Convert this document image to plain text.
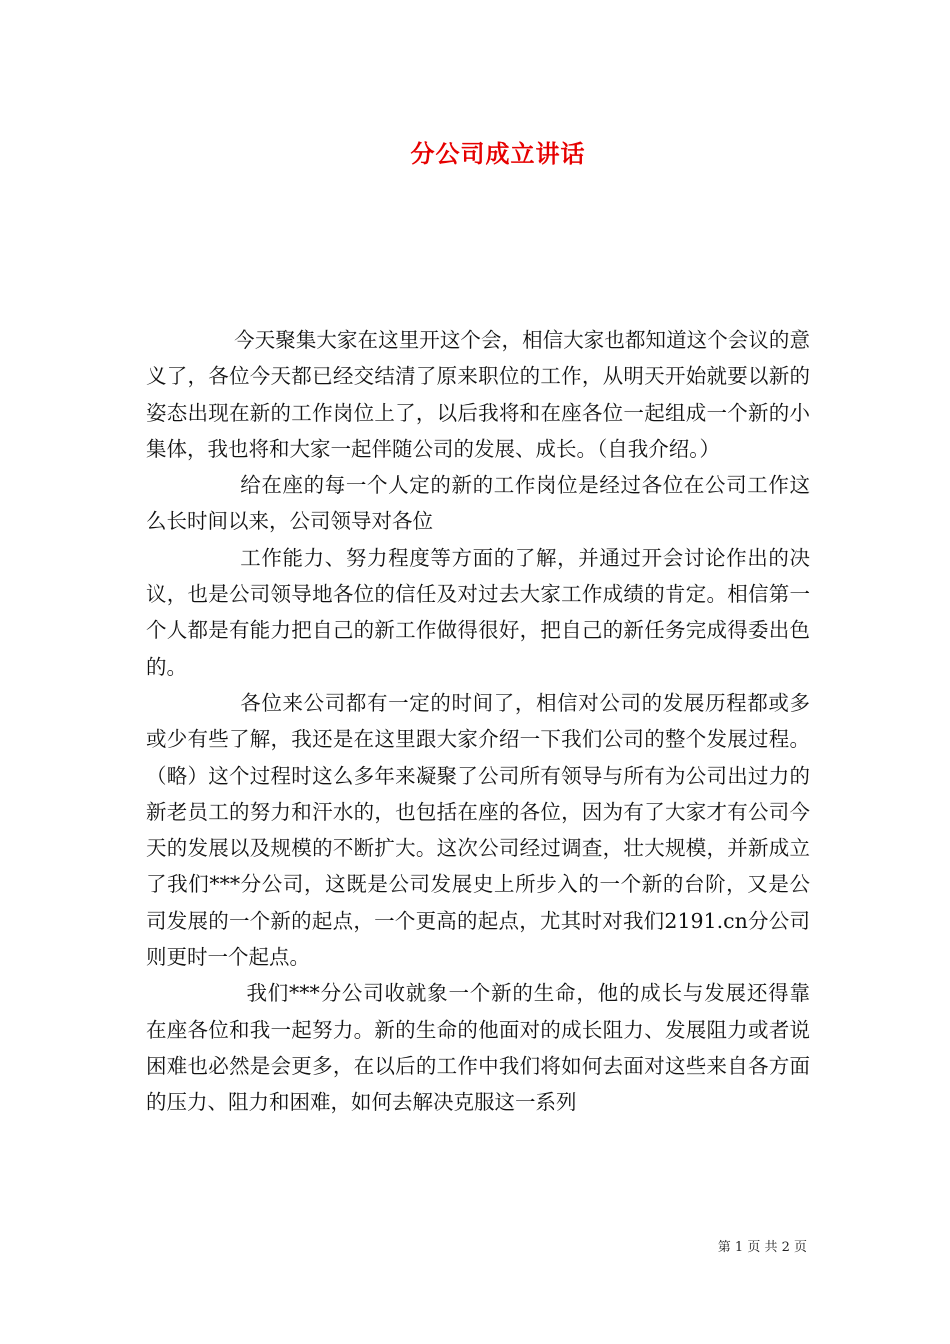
分公司成立讲话

今天聚集大家在这里开这个会，相信大家也都知道这个会议的意义了，各位今天都已经交结清了原来职位的工作，从明天开始就要以新的姿态出现在新的工作岗位上了，以后我将和在座各位一起组成一个新的小集体，我也将和大家一起伴随公司的发展、成长。（自我介绍。）

给在座的每一个人定的新的工作岗位是经过各位在公司工作这么长时间以来，公司领导对各位

工作能力、努力程度等方面的了解，并通过开会讨论作出的决议，也是公司领导地各位的信任及对过去大家工作成绩的肯定。相信第一个人都是有能力把自己的新工作做得很好，把自己的新任务完成得委出色的。

各位来公司都有一定的时间了，相信对公司的发展历程都或多或少有些了解，我还是在这里跟大家介绍一下我们公司的整个发展过程。（略）这个过程时这么多年来凝聚了公司所有领导与所有为公司出过力的新老员工的努力和汗水的，也包括在座的各位，因为有了大家才有公司今天的发展以及规模的不断扩大。这次公司经过调查，壮大规模，并新成立了我们***分公司，这既是公司发展史上所步入的一个新的台阶，又是公司发展的一个新的起点，一个更高的起点，尤其时对我们2191.cn分公司则更时一个起点。

我们***分公司收就象一个新的生命，他的成长与发展还得靠在座各位和我一起努力。新的生命的他面对的成长阻力、发展阻力或者说困难也必然是会更多，在以后的工作中我们将如何去面对这些来自各方面的压力、阻力和困难，如何去解决克服这一系列

第 1 页 共 2 页
